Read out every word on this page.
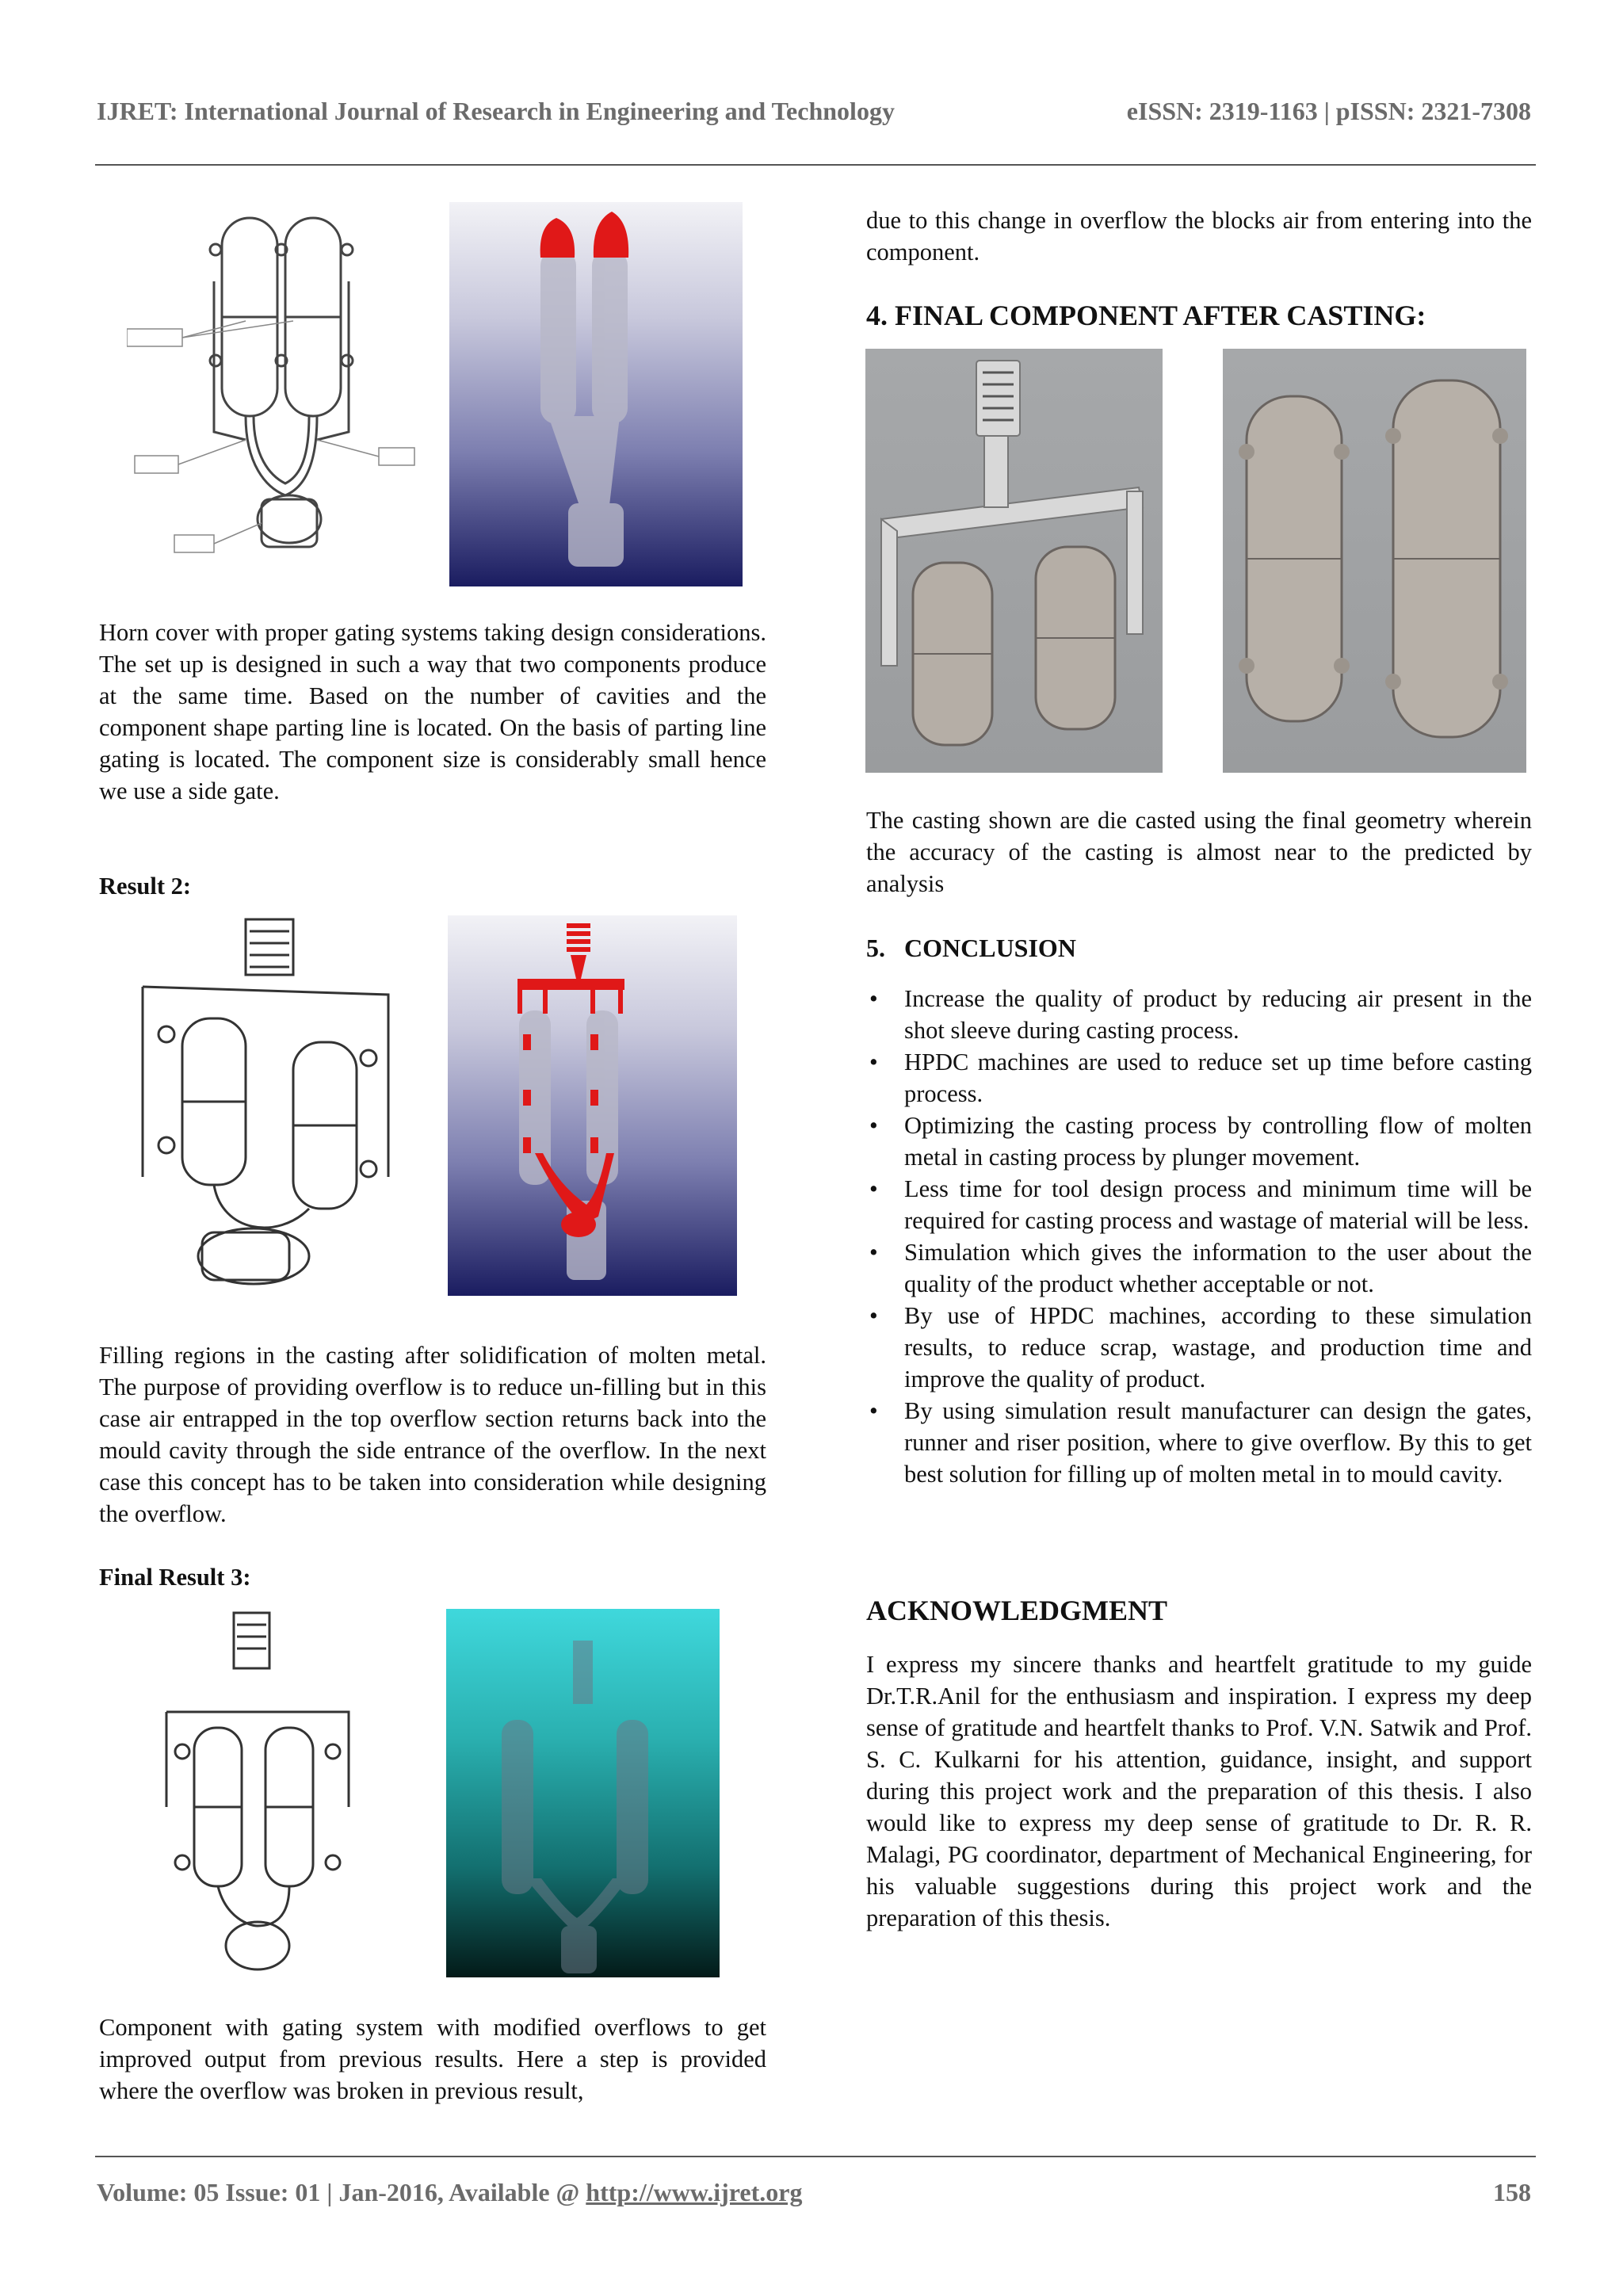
IJRET: International Journal of Research in Engineering and Technology	eISSN: 2319-1163 | pISSN: 2321-7308

Horn cover with proper gating systems taking design considerations. The set up is designed in such a way that two components produce at the same time. Based on the number of cavities and the component shape parting line is located. On the basis of parting line gating is located. The component size is considerably small hence we use a side gate.

Result 2:

Filling regions in the casting after solidification of molten metal. The purpose of providing overflow is to reduce un-filling but in this case air entrapped in the top overflow section returns back into the mould cavity through the side entrance of the overflow. In the next case this concept has to be taken into consideration while designing the overflow.

Final Result 3:

Component with gating system with modified overflows to get improved output from previous results. Here a step is provided where the overflow was broken in previous result,

due to this change in overflow the blocks air from entering into the component.

4. FINAL COMPONENT AFTER CASTING:

The casting shown are die casted using the final geometry wherein the accuracy of the casting is almost near to the predicted by analysis

5. CONCLUSION
• Increase the quality of product by reducing air present in the shot sleeve during casting process.
• HPDC machines are used to reduce set up time before casting process.
• Optimizing the casting process by controlling flow of molten metal in casting process by plunger movement.
• Less time for tool design process and minimum time will be required for casting process and wastage of material will be less.
• Simulation which gives the information to the user about the quality of the product whether acceptable or not.
• By use of HPDC machines, according to these simulation results, to reduce scrap, wastage, and production time and improve the quality of product.
• By using simulation result manufacturer can design the gates, runner and riser position, where to give overflow. By this to get best solution for filling up of molten metal in to mould cavity.
ACKNOWLEDGMENT

I express my sincere thanks and heartfelt gratitude to my guide Dr.T.R.Anil for the enthusiasm and inspiration. I express my deep sense of gratitude and heartfelt thanks to Prof. V.N. Satwik and Prof. S. C. Kulkarni for his attention, guidance, insight, and support during this project work and the preparation of this thesis. I also would like to express my deep sense of gratitude to Dr. R. R. Malagi, PG coordinator, department of Mechanical Engineering, for his valuable suggestions during this project work and the preparation of this thesis.

Volume: 05 Issue: 01 | Jan-2016, Available @ http://www.ijret.org	158
